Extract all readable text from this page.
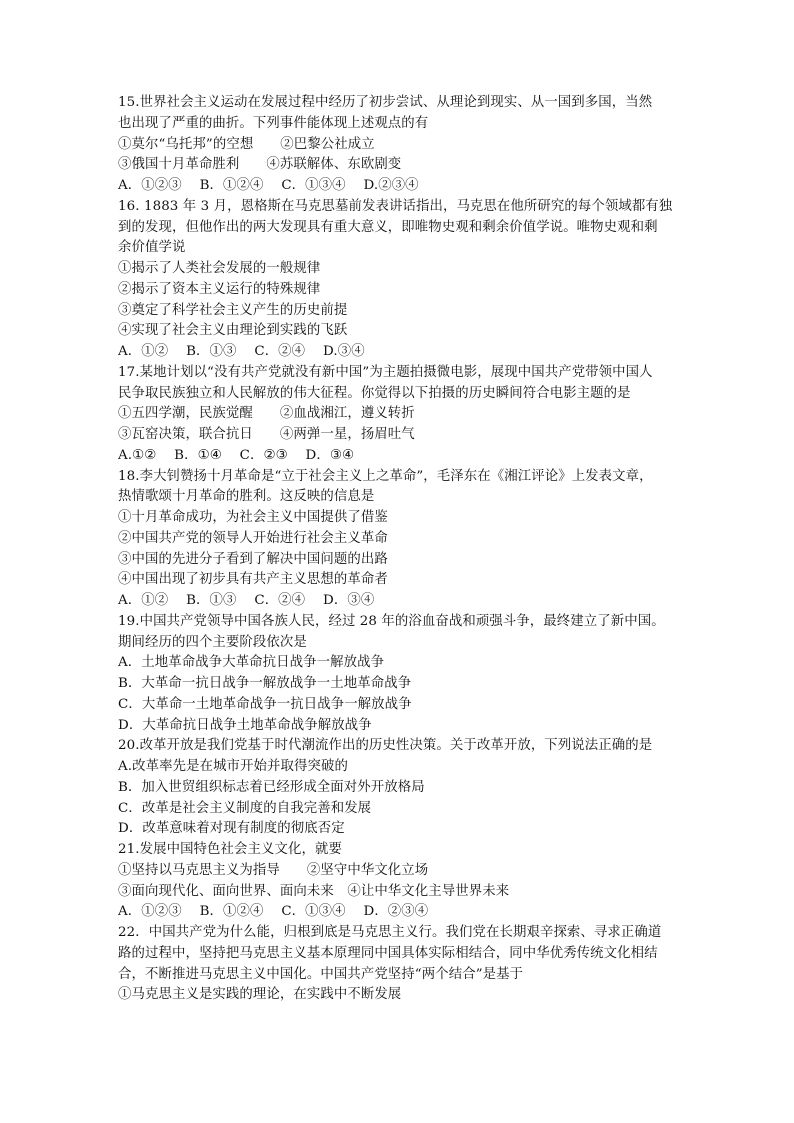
15.世界社会主义运动在发展过程中经历了初步尝试、从理论到现实、从一国到多国，当然
也出现了严重的曲折。下列事件能体现上述观点的有
①莫尔“乌托邦”的空想　　②巴黎公社成立
③俄国十月革命胜利　　④苏联解体、东欧剧变
A．①②③　 B．①②④　 C．①③④　 D.②③④
16. 1883 年 3 月，恩格斯在马克思墓前发表讲话指出，马克思在他所研究的每个领域都有独
到的发现，但他作出的两大发现具有重大意义，即唯物史观和剩余价值学说。唯物史观和剩
余价值学说
①揭示了人类社会发展的一般规律
②揭示了资本主义运行的特殊规律
③奠定了科学社会主义产生的历史前提
④实现了社会主义由理论到实践的飞跃
A．①②　 B．①③　 C．②④　 D.③④
17.某地计划以“没有共产党就没有新中国”为主题拍摄微电影，展现中国共产党带领中国人
民争取民族独立和人民解放的伟大征程。你觉得以下拍摄的历史瞬间符合电影主题的是
①五四学潮，民族觉醒　　②血战湘江，遵义转折
③瓦窑决策，联合抗日　　④两弹一星，扬眉吐气
A.①②　 B．①④　 C．②③　 D．③④
18.李大钊赞扬十月革命是“立于社会主义上之革命”，毛泽东在《湘江评论》上发表文章，
热情歌颂十月革命的胜利。这反映的信息是
①十月革命成功，为社会主义中国提供了借鉴
②中国共产党的领导人开始进行社会主义革命
③中国的先进分子看到了解决中国问题的出路
④中国出现了初步具有共产主义思想的革命者
A．①②　 B．①③　 C．②④　 D．③④
19.中国共产党领导中国各族人民，经过 28 年的浴血奋战和顽强斗争，最终建立了新中国。
期间经历的四个主要阶段依次是
A．土地革命战争大革命抗日战争一解放战争
B．大革命一抗日战争一解放战争一土地革命战争
C．大革命一土地革命战争一抗日战争一解放战争
D．大革命抗日战争土地革命战争解放战争
20.改革开放是我们党基于时代潮流作出的历史性决策。关于改革开放，下列说法正确的是
A.改革率先是在城市开始并取得突破的
B．加入世贸组织标志着已经形成全面对外开放格局
C．改革是社会主义制度的自我完善和发展
D．改革意味着对现有制度的彻底否定
21.发展中国特色社会主义文化，就要
①坚持以马克思主义为指导　　②坚守中华文化立场
③面向现代化、面向世界、面向未来　④让中华文化主导世界未来
A．①②③　 B．①②④　 C．①③④　 D．②③④
22．中国共产党为什么能，归根到底是马克思主义行。我们党在长期艰辛探索、寻求正确道
路的过程中，坚持把马克思主义基本原理同中国具体实际相结合，同中华优秀传统文化相结
合，不断推进马克思主义中国化。中国共产党坚持“两个结合”是基于
①马克思主义是实践的理论，在实践中不断发展
